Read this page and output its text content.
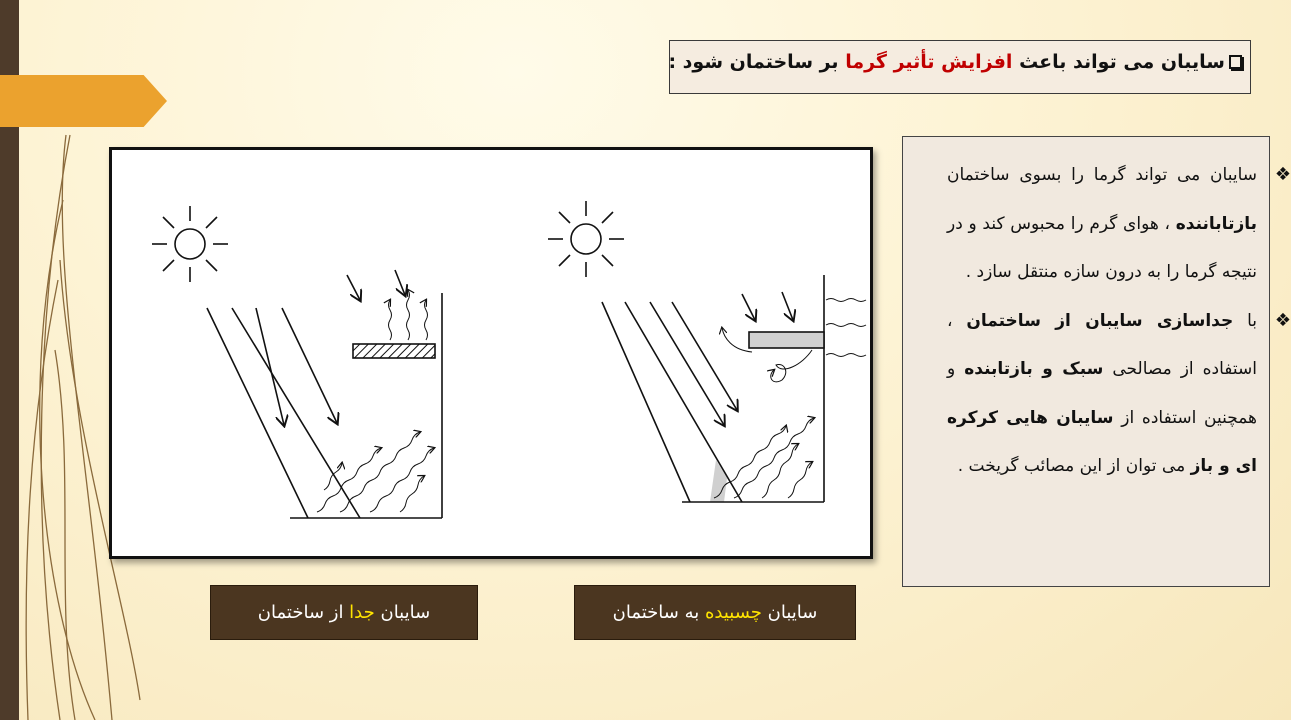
سایبان می تواند باعث افزایش تأثیر گرما بر ساختمان شود :
❖
سایبان می تواند گرما را بسوی ساختمان بازتاباننده ، هوای گرم را محبوس کند و در نتیجه گرما را به درون سازه منتقل سازد .
❖
با جداسازی سایبان از ساختمان ، استفاده از مصالحی سبک و بازتابنده و همچنین استفاده از سایبان هایی کرکره ای و باز می توان از این مصائب گریخت .
سایبان جدا از ساختمان	سایبان چسبیده به ساختمان
